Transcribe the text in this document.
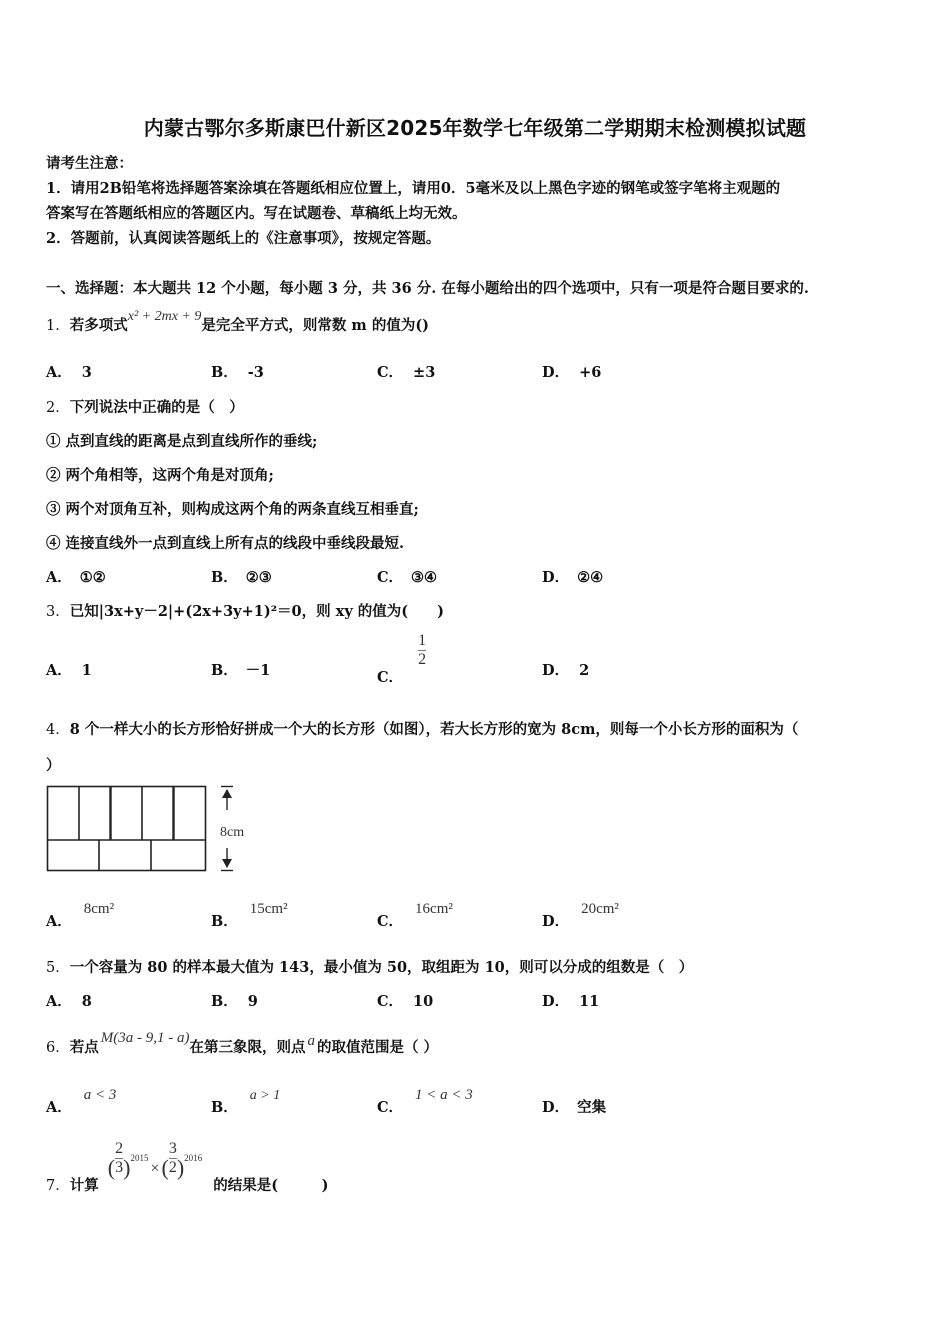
内蒙古鄂尔多斯康巴什新区2025年数学七年级第二学期期末检测模拟试题
请考生注意：
1．请用2B铅笔将选择题答案涂填在答题纸相应位置上，请用0．5毫米及以上黑色字迹的钢笔或签字笔将主观题的
答案写在答题纸相应的答题区内。写在试题卷、草稿纸上均无效。
2．答题前，认真阅读答题纸上的《注意事项》，按规定答题。
一、选择题：本大题共 12 个小题，每小题 3 分，共 36 分. 在每小题给出的四个选项中，只有一项是符合题目要求的.
1．若多项式x² + 2mx + 9是完全平方式，则常数 m 的值为()
A． 3	B． -3	C． ±3	D． +6
2．下列说法中正确的是（　）
① 点到直线的距离是点到直线所作的垂线;
② 两个角相等，这两个角是对顶角;
③ 两个对顶角互补，则构成这两个角的两条直线互相垂直;
④ 连接直线外一点到直线上所有点的线段中垂线段最短.
A． ①②	B． ②③	C． ③④	D． ②④
3．已知|3x+y－2|+(2x+3y+1)²＝0，则 xy 的值为(　　)
A． 1	B． －1	C．
$\frac{1}{2}$
D． 2
4．8 个一样大小的长方形恰好拼成一个大的长方形（如图），若大长方形的宽为 8cm，则每一个小长方形的面积为（
）
8cm
A．8cm²
B．15cm²
C．16cm²
D．20cm²
5．一个容量为 80 的样本最大值为 143，最小值为 50，取组距为 10，则可以分成的组数是（　）
A． 8	B． 9	C． 10	D． 11
6．若点M(3a - 9,1 - a)在第三象限，则点 a 的取值范围是（ ）
A．a < 3
B．a > 1
C．1 < a < 3
D． 空集
7．计算 ( $\frac{2}{3} )2015\times( \frac{3}{2} )2016$ 的结果是(　　　)
